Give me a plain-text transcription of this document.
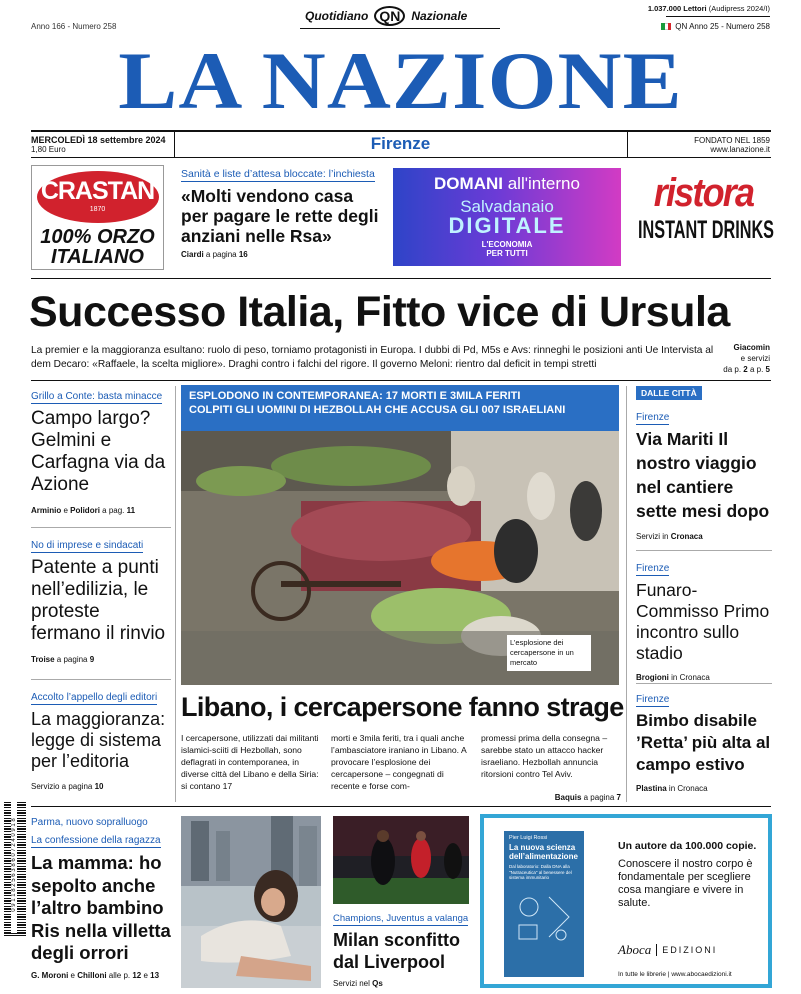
Anno 166 - Numero 258
Quotidiano QN Nazionale
1.037.000 Lettori (Audipress 2024/I)
QN Anno 25 - Numero 258
LA NAZIONE
MERCOLEDÌ 18 settembre 2024
1,80 Euro	Firenze	FONDATO NEL 1859
www.lanazione.it
CRASTAN
1870
100% ORZO
ITALIANO
Sanità e liste d’attesa bloccate: l’inchiesta
«Molti vendono casa per pagare le rette degli anziani nelle Rsa»
Ciardi a pagina 16
DOMANI all'interno
Salvadanaio
DIGITALE
L'ECONOMIA
PER TUTTI
ristora
INSTANT DRINKS
Successo Italia, Fitto vice di Ursula
La premier e la maggioranza esultano: ruolo di peso, torniamo protagonisti in Europa. I dubbi di Pd, M5s e Avs: rinneghi le posizioni anti Ue Intervista al dem Decaro: «Raffaele, la scelta migliore». Draghi contro i falchi del rigore. Il governo Meloni: rientro dal deficit in tempi stretti
Giacomin
e servizi
da p. 2 a p. 5
Grillo a Conte: basta minacce
Campo largo? Gelmini e Carfagna via da Azione
Arminio e Polidori a pag. 11
No di imprese e sindacati
Patente a punti nell’edilizia, le proteste fermano il rinvio
Troise a pagina 9
Accolto l’appello degli editori
La maggioranza: legge di sistema per l’editoria
Servizio a pagina 10
ESPLODONO IN CONTEMPORANEA: 17 MORTI E 3MILA FERITI
COLPITI GLI UOMINI DI HEZBOLLAH CHE ACCUSA GLI 007 ISRAELIANI
L’esplosione dei cercapersone in un mercato
Libano, i cercapersone fanno strage

I cercapersone, utilizzati dai militanti islamici-sciiti di Hezbollah, sono deflagrati in contemporanea, in diverse città del Libano e della Siria: si contano 17

morti e 3mila feriti, tra i quali anche l’ambasciatore iraniano in Libano. A provocare l’esplosione dei cercapersone – congegnati di recente e forse com-

promessi prima della consegna – sarebbe stato un attacco hacker israeliano. Hezbollah annuncia ritorsioni contro Tel Aviv.

Baquis a pagina 7
DALLE CITTÀ
Firenze
Via Mariti Il nostro viaggio nel cantiere sette mesi dopo
Servizi in Cronaca
Firenze
Funaro-Commisso Primo incontro sullo stadio
Brogioni in Cronaca
Firenze
Bimbo disabile ’Retta’ più alta al campo estivo
Plastina in Cronaca
0 9 1 1 8 2 5 6 3 8 6 0 7 2 4 0 9 1 8 Parma, nuovo sopralluogo
La confessione della ragazza
La mamma: ho sepolto anche l’altro bambino Ris nella villetta degli orrori
G. Moroni e Chilloni alle p. 12 e 13
Champions, Juventus a valanga
Milan sconfitto dal Liverpool
Servizi nel Qs
Pier Luigi Rossi
La nuova scienza dell’alimentazione
Dal laboratorio: Dalla DNA alla "Nutraceutica" al benessere del sistema immunitario
Un autore da 100.000 copie.
Conoscere il nostro corpo è fondamentale per scegliere cosa mangiare e vivere in salute.
Aboca EDIZIONI
In tutte le librerie | www.abocaedizioni.it
